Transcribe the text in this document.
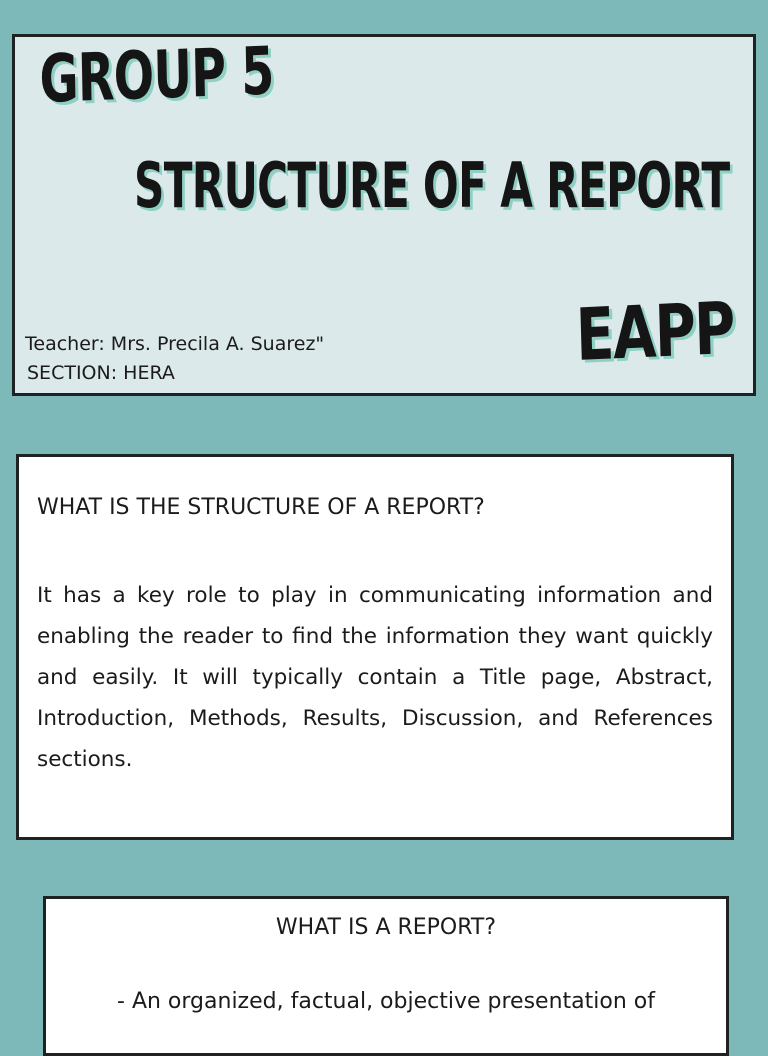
GROUP 5
STRUCTURE OF A REPORT
EAPP
Teacher: Mrs. Precila A. Suarez"
SECTION: HERA
WHAT IS THE STRUCTURE OF A REPORT?

It has a key role to play in communicating information and enabling the reader to find the information they want quickly and easily. It will typically contain a Title page, Abstract, Introduction, Methods, Results, Discussion, and References sections.

WHAT IS A REPORT?

- An organized, factual, objective presentation of
